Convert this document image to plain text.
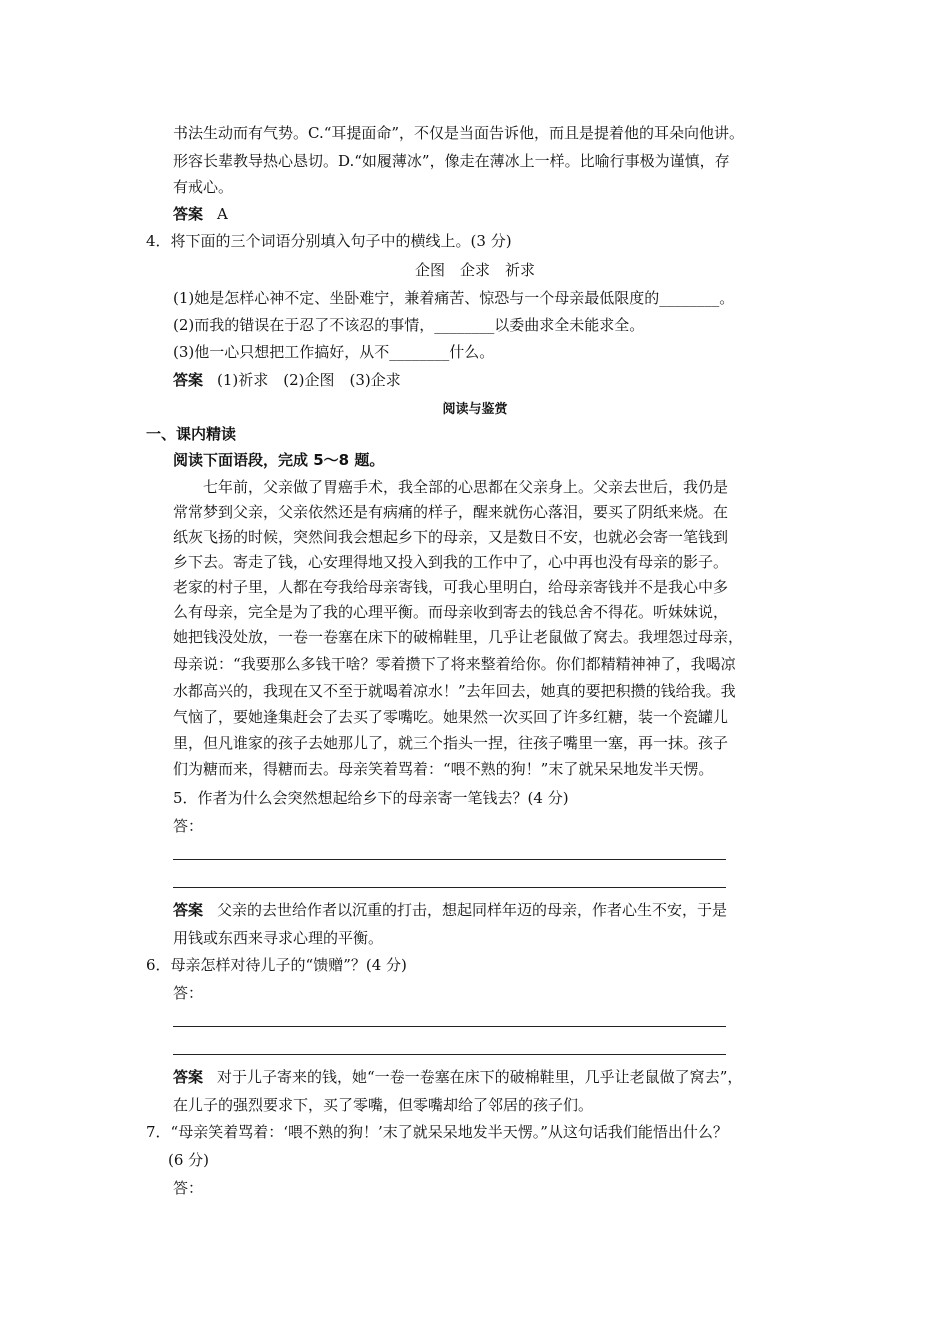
书法生动而有气势。C.“耳提面命”，不仅是当面告诉他，而且是提着他的耳朵向他讲。
形容长辈教导热心恳切。D.“如履薄冰”，像走在薄冰上一样。比喻行事极为谨慎，存
有戒心。
答案 A
4．将下面的三个词语分别填入句子中的横线上。(3 分)
企图　企求　祈求
(1)她是怎样心神不定、坐卧难宁，兼着痛苦、惊恐与一个母亲最低限度的________。
(2)而我的错误在于忍了不该忍的事情，________以委曲求全未能求全。
(3)他一心只想把工作搞好，从不________什么。
答案 (1)祈求　(2)企图　(3)企求
阅读与鉴赏
一、课内精读
阅读下面语段，完成 5～8 题。
七年前，父亲做了胃癌手术，我全部的心思都在父亲身上。父亲去世后，我仍是
常常梦到父亲，父亲依然还是有病痛的样子，醒来就伤心落泪，要买了阴纸来烧。在
纸灰飞扬的时候，突然间我会想起乡下的母亲，又是数日不安，也就必会寄一笔钱到
乡下去。寄走了钱，心安理得地又投入到我的工作中了，心中再也没有母亲的影子。
老家的村子里，人都在夸我给母亲寄钱，可我心里明白，给母亲寄钱并不是我心中多
么有母亲，完全是为了我的心理平衡。而母亲收到寄去的钱总舍不得花。听妹妹说，
她把钱没处放，一卷一卷塞在床下的破棉鞋里，几乎让老鼠做了窝去。我埋怨过母亲，
母亲说：“我要那么多钱干啥？零着攒下了将来整着给你。你们都精精神神了，我喝凉
水都高兴的，我现在又不至于就喝着凉水！”去年回去，她真的要把积攒的钱给我。我
气恼了，要她逢集赶会了去买了零嘴吃。她果然一次买回了许多红糖，装一个瓷罐儿
里，但凡谁家的孩子去她那儿了，就三个指头一捏，往孩子嘴里一塞，再一抹。孩子
们为糖而来，得糖而去。母亲笑着骂着：“喂不熟的狗！”末了就呆呆地发半天愣。
5．作者为什么会突然想起给乡下的母亲寄一笔钱去？(4 分)
答：
答案 父亲的去世给作者以沉重的打击，想起同样年迈的母亲，作者心生不安，于是
用钱或东西来寻求心理的平衡。
6．母亲怎样对待儿子的“馈赠”？(4 分)
答：
答案 对于儿子寄来的钱，她“一卷一卷塞在床下的破棉鞋里，几乎让老鼠做了窝去”，
在儿子的强烈要求下，买了零嘴，但零嘴却给了邻居的孩子们。
7．“母亲笑着骂着：‘喂不熟的狗！’末了就呆呆地发半天愣。”从这句话我们能悟出什么？
(6 分)
答：
